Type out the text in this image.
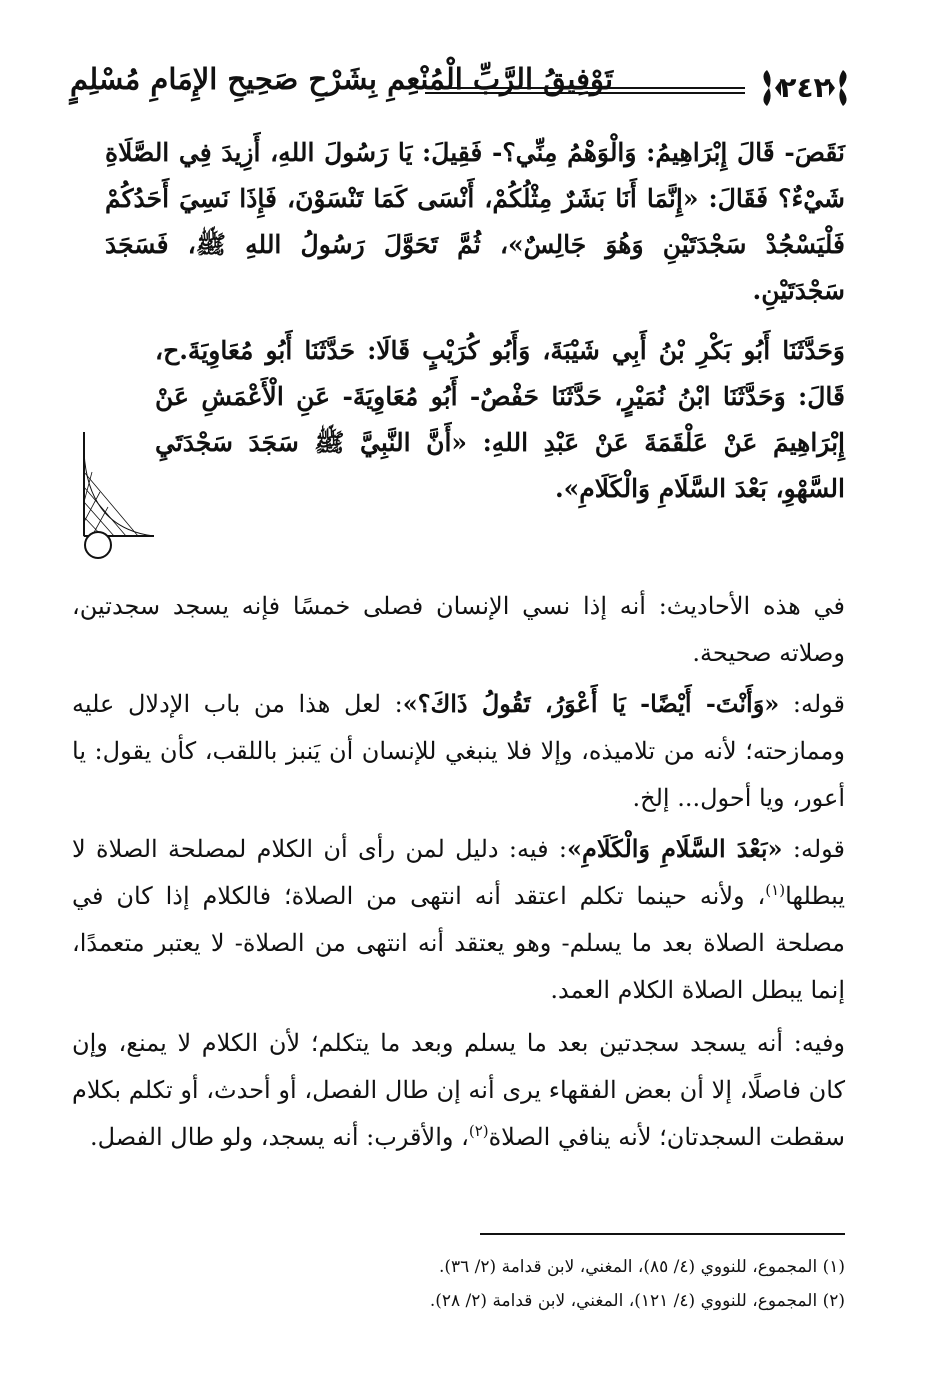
٢٤٢
تَوْفِيقُ الرَّبِّ الْمُنْعِمِ بِشَرْحِ صَحِيحِ الإِمَامِ مُسْلِمٍ
نَقَصَ- قَالَ إِبْرَاهِيمُ: وَالْوَهْمُ مِنِّي؟- فَقِيلَ: يَا رَسُولَ اللهِ، أَزِيدَ فِي الصَّلَاةِ شَيْءٌ؟ فَقَالَ: «إِنَّمَا أَنَا بَشَرٌ مِثْلُكُمْ، أَنْسَى كَمَا تَنْسَوْنَ، فَإِذَا نَسِيَ أَحَدُكُمْ فَلْيَسْجُدْ سَجْدَتَيْنِ وَهُوَ جَالِسٌ»، ثُمَّ تَحَوَّلَ رَسُولُ اللهِ ﷺ، فَسَجَدَ سَجْدَتَيْنِ.
وَحَدَّثَنَا أَبُو بَكْرِ بْنُ أَبِي شَيْبَةَ، وَأَبُو كُرَيْبٍ قَالَا: حَدَّثَنَا أَبُو مُعَاوِيَةَ.ح، قَالَ: وَحَدَّثَنَا ابْنُ نُمَيْرٍ، حَدَّثَنَا حَفْصٌ- أَبُو مُعَاوِيَةَ- عَنِ الْأَعْمَشِ عَنْ إِبْرَاهِيمَ عَنْ عَلْقَمَةَ عَنْ عَبْدِ اللهِ: «أَنَّ النَّبِيَّ ﷺ سَجَدَ سَجْدَتَيِ السَّهْوِ، بَعْدَ السَّلَامِ وَالْكَلَامِ».
في هذه الأحاديث: أنه إذا نسي الإنسان فصلى خمسًا فإنه يسجد سجدتين، وصلاته صحيحة.
قوله: «وَأَنْتَ- أَيْضًا- يَا أَعْوَرُ، تَقُولُ ذَاكَ؟»: لعل هذا من باب الإدلال عليه وممازحته؛ لأنه من تلاميذه، وإلا فلا ينبغي للإنسان أن يَنبز باللقب، كأن يقول: يا أعور، ويا أحول... إلخ.
قوله: «بَعْدَ السَّلَامِ وَالْكَلَامِ»: فيه: دليل لمن رأى أن الكلام لمصلحة الصلاة لا يبطلها$^{(١)}$، ولأنه حينما تكلم اعتقد أنه انتهى من الصلاة؛ فالكلام إذا كان في مصلحة الصلاة بعد ما يسلم- وهو يعتقد أنه انتهى من الصلاة- لا يعتبر متعمدًا، إنما يبطل الصلاة الكلام العمد.
وفيه: أنه يسجد سجدتين بعد ما يسلم وبعد ما يتكلم؛ لأن الكلام لا يمنع، وإن كان فاصلًا، إلا أن بعض الفقهاء يرى أنه إن طال الفصل، أو أحدث، أو تكلم بكلام سقطت السجدتان؛ لأنه ينافي الصلاة$^{(٢)}$، والأقرب: أنه يسجد، ولو طال الفصل.
(١) المجموع، للنووي (٤/ ٨٥)، المغني، لابن قدامة (٢/ ٣٦).
(٢) المجموع، للنووي (٤/ ١٢١)، المغني، لابن قدامة (٢/ ٢٨).
